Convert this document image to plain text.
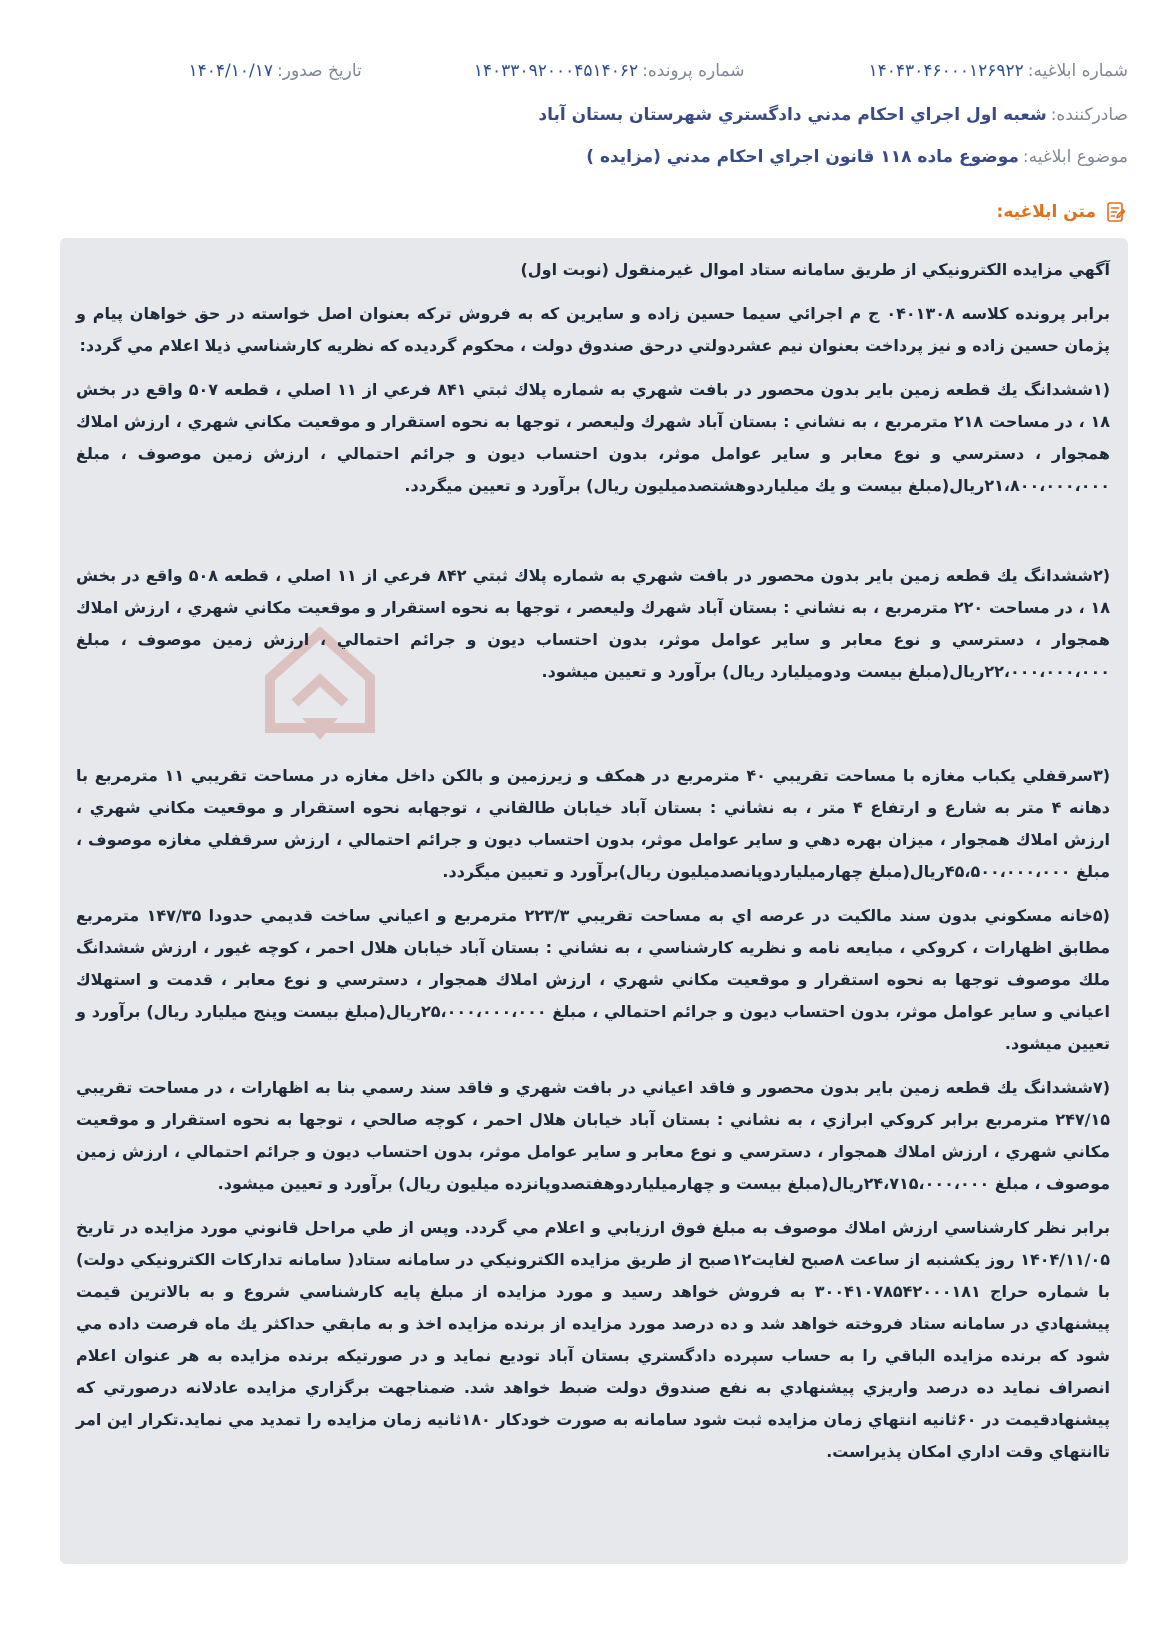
شماره ابلاغيه:
۱۴۰۴۳۰۴۶۰۰۰۱۲۶۹۲۲
شماره پرونده:
۱۴۰۳۳۰۹۲۰۰۰۴۵۱۴۰۶۲
تاريخ صدور:
۱۴۰۴/۱۰/۱۷
صادرکننده:
شعبه اول اجراي احكام مدني دادگستري شهرستان بستان آباد
موضوع ابلاغيه:
موضوع ماده ۱۱۸ قانون اجراي احكام مدني (مزايده )
متن ابلاغيه:
آگهي مزايده الكترونيكي از طريق سامانه ستاد اموال غيرمنقول (نوبت اول)

برابر پرونده كلاسه ۰۴۰۱۳۰۸ ج م اجرائي سيما حسين زاده و سايرين كه به فروش تركه بعنوان اصل خواسته در حق خواهان پيام و پژمان حسين زاده و نيز پرداخت بعنوان نيم عشردولتي درحق صندوق دولت ، محكوم گرديده كه نظريه كارشناسي ذيلا اعلام مي گردد:

(۱ششدانگ يك قطعه زمين باير بدون محصور در بافت شهري به شماره پلاك ثبتي ۸۴۱ فرعي از ۱۱ اصلي ، قطعه ۵۰۷ واقع در بخش ۱۸ ، در مساحت ۲۱۸ مترمربع ، به نشاني : بستان آباد شهرك وليعصر ، توجها به نحوه استقرار و موقعيت مكاني شهري ، ارزش املاك همجوار ، دسترسي و نوع معابر و ساير عوامل موثر، بدون احتساب ديون و جرائم احتمالي ، ارزش زمين موصوف ، مبلغ ۲۱،۸۰۰،۰۰۰،۰۰۰ريال(مبلغ بيست و يك ميلياردوهشتصدميليون ريال) برآورد و تعيين ميگردد.

(۲ششدانگ يك قطعه زمين باير بدون محصور در بافت شهري به شماره پلاك ثبتي ۸۴۲ فرعي از ۱۱ اصلي ، قطعه ۵۰۸ واقع در بخش ۱۸ ، در مساحت ۲۲۰ مترمربع ، به نشاني : بستان آباد شهرك وليعصر ، توجها به نحوه استقرار و موقعيت مكاني شهري ، ارزش املاك همجوار ، دسترسي و نوع معابر و ساير عوامل موثر، بدون احتساب ديون و جرائم احتمالي ، ارزش زمين موصوف ، مبلغ ۲۲،۰۰۰،۰۰۰،۰۰۰ريال(مبلغ بيست ودوميليارد ريال) برآورد و تعيين ميشود.

(۳سرقفلي يكباب مغازه با مساحت تقريبي ۴۰ مترمربع در همكف و زيرزمين و بالكن داخل مغازه در مساحت تقريبي ۱۱ مترمربع با دهانه ۴ متر به شارع و ارتفاع ۴ متر ، به نشاني : بستان آباد خيابان طالقاني ، توجهابه نحوه استقرار و موقعيت مكاني شهري ، ارزش املاك همجوار ، ميزان بهره دهي و ساير عوامل موثر، بدون احتساب ديون و جرائم احتمالي ، ارزش سرقفلي مغازه موصوف ، مبلغ ۴۵،۵۰۰،۰۰۰،۰۰۰ريال(مبلغ چهارميلياردوپانصدميليون ريال)برآورد و تعيين ميگردد.

(۵خانه مسكوني بدون سند مالكيت در عرصه اي به مساحت تقريبي ۲۲۳/۳ مترمربع و اعياني ساخت قديمي حدودا ۱۴۷/۳۵ مترمربع مطابق اظهارات ، كروكي ، مبايعه نامه و نظريه كارشناسي ، به نشاني : بستان آباد خيابان هلال احمر ، كوچه غيور ، ارزش ششدانگ ملك موصوف توجها به نحوه استقرار و موقعيت مكاني شهري ، ارزش املاك همجوار ، دسترسي و نوع معابر ، قدمت و استهلاك اعياني و ساير عوامل موثر، بدون احتساب ديون و جرائم احتمالي ، مبلغ ۲۵،۰۰۰،۰۰۰،۰۰۰ريال(مبلغ بيست وپنج ميليارد ريال) برآورد و تعيين ميشود.

(۷ششدانگ يك قطعه زمين باير بدون محصور و فاقد اعياني در بافت شهري و فاقد سند رسمي بنا به اظهارات ، در مساحت تقريبي ۲۴۷/۱۵ مترمربع برابر كروكي ابرازي ، به نشاني : بستان آباد خيابان هلال احمر ، كوچه صالحي ، توجها به نحوه استقرار و موقعيت مكاني شهري ، ارزش املاك همجوار ، دسترسي و نوع معابر و ساير عوامل موثر، بدون احتساب ديون و جرائم احتمالي ، ارزش زمين موصوف ، مبلغ ۲۴،۷۱۵،۰۰۰،۰۰۰ريال(مبلغ بيست و چهارميلياردوهفتصدوپانزده ميليون ريال) برآورد و تعيين ميشود.

برابر نظر كارشناسي ارزش املاك موصوف به مبلغ فوق ارزيابي و اعلام مي گردد. وپس از طي مراحل قانوني مورد مزايده در تاريخ ۱۴۰۴/۱۱/۰۵ روز يكشنبه از ساعت ۸صبح لغايت۱۲صبح از طريق مزايده الكترونيكي در سامانه ستاد( سامانه تداركات الكترونيكي دولت) با شماره حراج ۳۰۰۴۱۰۷۸۵۴۲۰۰۰۱۸۱ به فروش خواهد رسيد و مورد مزايده از مبلغ پايه كارشناسي شروع و به بالاترين قيمت پيشنهادي در سامانه ستاد فروخته خواهد شد و ده درصد مورد مزايده از برنده مزايده اخذ و به مابقي حداكثر يك ماه فرصت داده مي شود كه برنده مزايده الباقي را به حساب سپرده دادگستري بستان آباد توديع نمايد و در صورتيكه برنده مزايده به هر عنوان اعلام انصراف نمايد ده درصد واريزي پيشنهادي به نفع صندوق دولت ضبط خواهد شد. ضمناجهت برگزاري مزايده عادلانه درصورتي كه پيشنهادقيمت در ۶۰ثانيه انتهاي زمان مزايده ثبت شود سامانه به صورت خودكار ۱۸۰ثانيه زمان مزايده را تمديد مي نمايد.تكرار اين امر تاانتهاي وقت اداري امكان پذيراست.
